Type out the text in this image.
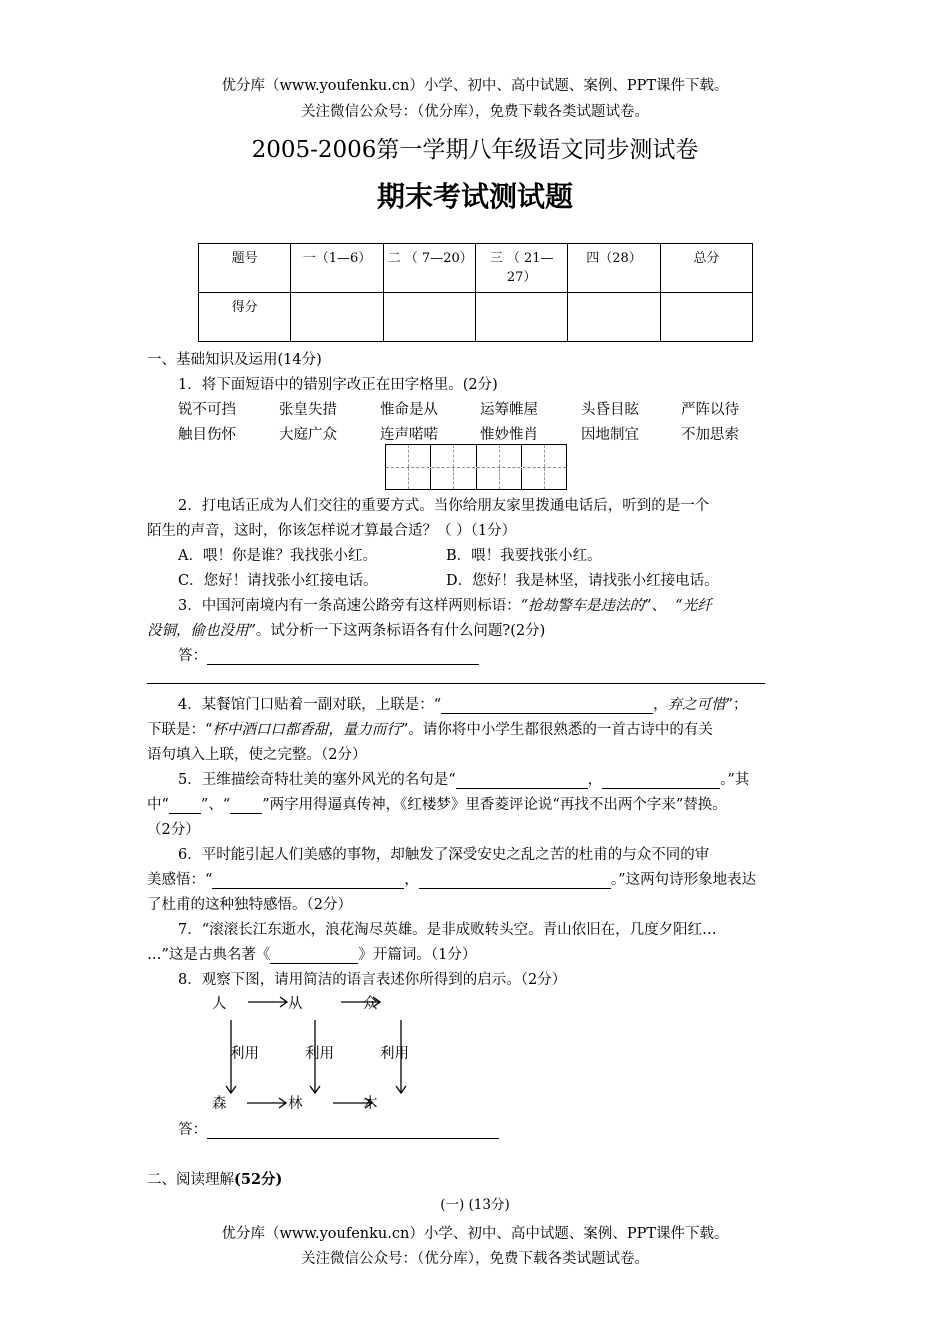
优分库（www.youfenku.cn）小学、初中、高中试题、案例、PPT课件下载。
关注微信公众号：（优分库），免费下载各类试题试卷。
2005-2006第一学期八年级语文同步测试卷
期末考试测试题
题号	一（1—6）	二 （ 7—20）	三 （ 21—27）	四（28）	总分
得分					
一、基础知识及运用(14分)
1．将下面短语中的错别字改正在田字格里。(2分)
锐不可挡	张皇失措	惟命是从	运筹帷屋	头昏目眩	严阵以待
触目伤怀	大庭广众	连声喏喏	惟妙惟肖	因地制宜	不加思索
2．打电话正成为人们交往的重要方式。当你给朋友家里拨通电话后，听到的是一个
陌生的声音，这时，你该怎样说才算最合适？（ ）（1分）
A．喂！你是谁？我找张小红。	B．喂！我要找张小红。
C．您好！请找张小红接电话。	D．您好！我是林坚，请找张小红接电话。
3．中国河南境内有一条高速公路旁有这样两则标语：“抢劫警车是违法的”、 “光纤
没铜，偷也没用”。试分析一下这两条标语各有什么问题?(2分)
答：
4．某餐馆门口贴着一副对联，上联是：“	，弃之可惜”；
下联是：“杯中酒口口都香甜，量力而行”。请你将中小学生都很熟悉的一首古诗中的有关
语句填入上联，使之完整。（2分）
5．王维描绘奇特壮美的塞外风光的名句是“	，	。”其
中“ ”、“ ”两字用得逼真传神，《红楼梦》里香菱评论说“再找不出两个字来”替换。
（2分）
6．平时能引起人们美感的事物，却触发了深受安史之乱之苦的杜甫的与众不同的审
美感悟：“	，	。”这两句诗形象地表达
了杜甫的这种独特感悟。（2分）
7．“滚滚长江东逝水，浪花淘尽英雄。是非成败转头空。青山依旧在，几度夕阳红…
…”这是古典名著《	》开篇词。（1分）
8．观察下图，请用简洁的语言表述你所得到的启示。（2分）
人	从	众
利用	利用	利用
森	林	木
答：
二、阅读理解(52分)
(一) (13分)
优分库（www.youfenku.cn）小学、初中、高中试题、案例、PPT课件下载。
关注微信公众号：（优分库），免费下载各类试题试卷。
